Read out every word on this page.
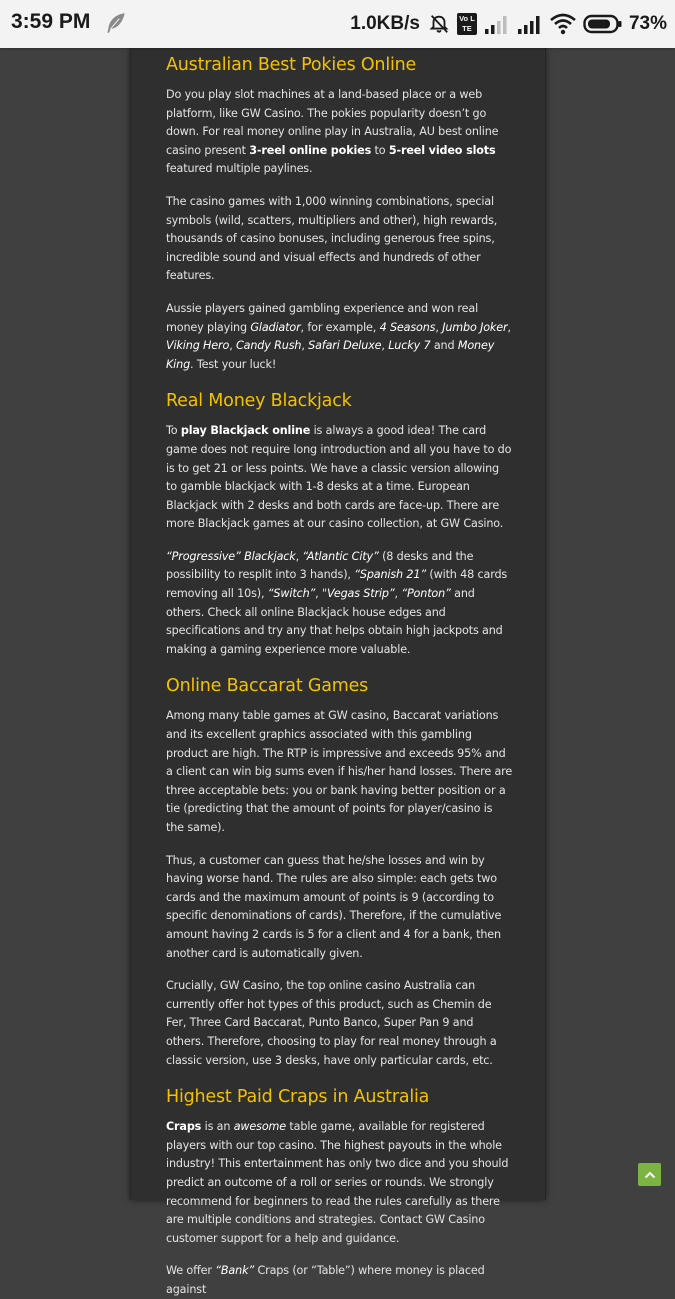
3:59 PM	1.0KB/s	Vo LTE	73%
Australian Best Pokies Online

Do you play slot machines at a land-based place or a web platform, like GW Casino. The pokies popularity doesn’t go down. For real money online play in Australia, AU best online casino present 3-reel online pokies to 5-reel video slots featured multiple paylines.

The casino games with 1,000 winning combinations, special symbols (wild, scatters, multipliers and other), high rewards, thousands of casino bonuses, including generous free spins, incredible sound and visual effects and hundreds of other features.

Aussie players gained gambling experience and won real money playing Gladiator, for example, 4 Seasons, Jumbo Joker, Viking Hero, Candy Rush, Safari Deluxe, Lucky 7 and Money King. Test your luck!

Real Money Blackjack

To play Blackjack online is always a good idea! The card game does not require long introduction and all you have to do is to get 21 or less points. We have a classic version allowing to gamble blackjack with 1-8 desks at a time. European Blackjack with 2 desks and both cards are face-up. There are more Blackjack games at our casino collection, at GW Casino.

“Progressive” Blackjack, “Atlantic City” (8 desks and the possibility to resplit into 3 hands), “Spanish 21” (with 48 cards removing all 10s), “Switch”, "Vegas Strip”, “Ponton” and others. Check all online Blackjack house edges and specifications and try any that helps obtain high jackpots and making a gaming experience more valuable.

Online Baccarat Games

Among many table games at GW casino, Baccarat variations and its excellent graphics associated with this gambling product are high. The RTP is impressive and exceeds 95% and a client can win big sums even if his/her hand losses. There are three acceptable bets: you or bank having better position or a tie (predicting that the amount of points for player/casino is the same).

Thus, a customer can guess that he/she losses and win by having worse hand. The rules are also simple: each gets two cards and the maximum amount of points is 9 (according to specific denominations of cards). Therefore, if the cumulative amount having 2 cards is 5 for a client and 4 for a bank, then another card is automatically given.

Crucially, GW Casino, the top online casino Australia can currently offer hot types of this product, such as Chemin de Fer, Three Card Baccarat, Punto Banco, Super Pan 9 and others. Therefore, choosing to play for real money through a classic version, use 3 desks, have only particular cards, etc.

Highest Paid Craps in Australia

Craps is an awesome table game, available for registered players with our top casino. The highest payouts in the whole industry! This entertainment has only two dice and you should predict an outcome of a roll or series or rounds. We strongly recommend for beginners to read the rules carefully as there are multiple conditions and strategies. Contact GW Casino customer support for a help and guidance.

We offer “Bank” Craps (or “Table”) where money is placed against
